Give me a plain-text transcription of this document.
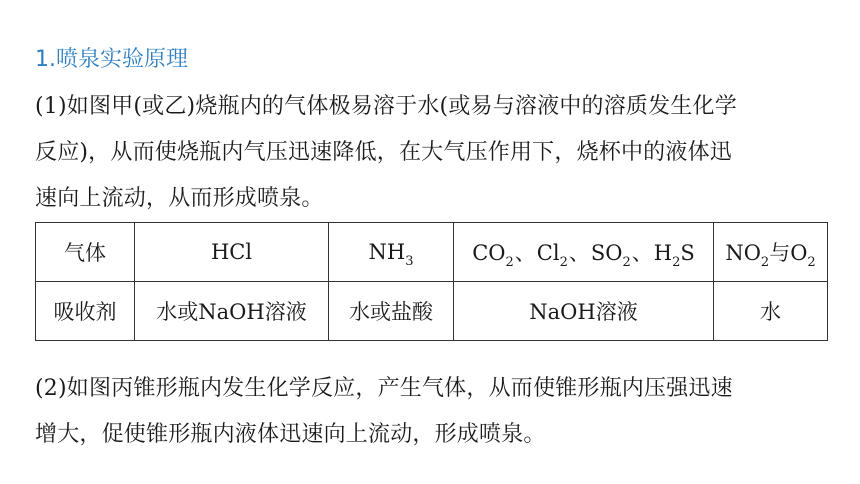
1.喷泉实验原理
(1)如图甲(或乙)烧瓶内的气体极易溶于水(或易与溶液中的溶质发生化学
反应)，从而使烧瓶内气压迅速降低，在大气压作用下，烧杯中的液体迅
速向上流动，从而形成喷泉。
气体	HCl	$NH_3$	$CO_2$、$Cl_2$、$SO_2$、$H_2S$	$NO_2$与$O_2$
吸收剂	水或NaOH溶液	水或盐酸	NaOH溶液	水
(2)如图丙锥形瓶内发生化学反应，产生气体，从而使锥形瓶内压强迅速
增大，促使锥形瓶内液体迅速向上流动，形成喷泉。
